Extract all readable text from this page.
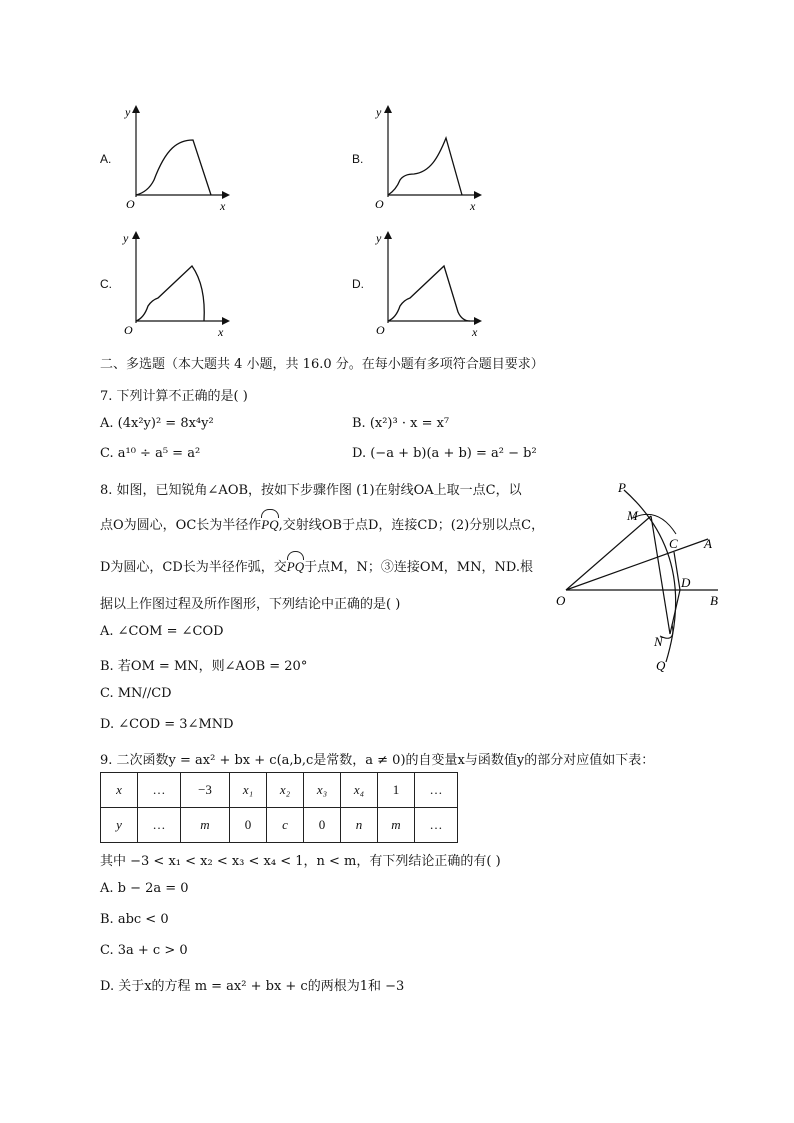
A.
O	x
y
B.
O	x
y
C.
O	x
y
D.
O	x
y
二、多选题（本大题共 4 小题，共 16.0 分。在每小题有多项符合题目要求）
7. 下列计算不正确的是( )
A. (4x²y)² = 8x⁴y²	B. (x²)³ · x = x⁷
C. a¹⁰ ÷ a⁵ = a²	D. (−a + b)(a + b) = a² − b²
8. 如图，已知锐角∠AOB，按如下步骤作图 (1)在射线OA上取一点C，以
点O为圆心，OC长为半径作PQ,交射线OB于点D，连接CD；(2)分别以点C，
D为圆心，CD长为半径作弧，交PQ于点M，N；③连接OM，MN，ND.根
据以上作图过程及所作图形，下列结论中正确的是( )
A. ∠COM = ∠COD
B. 若OM = MN，则∠AOB = 20°
C. MN//CD
D. ∠COD = 3∠MND
P
M
C A
D
B
O
N
Q
9. 二次函数y = ax² + bx + c(a,b,c是常数，a ≠ 0)的自变量x与函数值y的部分对应值如下表：
x	…	−3	x₁	x₂	x₃	x₄	1	…
y	…	m	0	c	0	n	m	…
其中 −3 < x₁ < x₂ < x₃ < x₄ < 1，n < m，有下列结论正确的有( )
A. b − 2a = 0
B. abc < 0
C. 3a + c > 0
D. 关于x的方程 m = ax² + bx + c的两根为1和 −3
